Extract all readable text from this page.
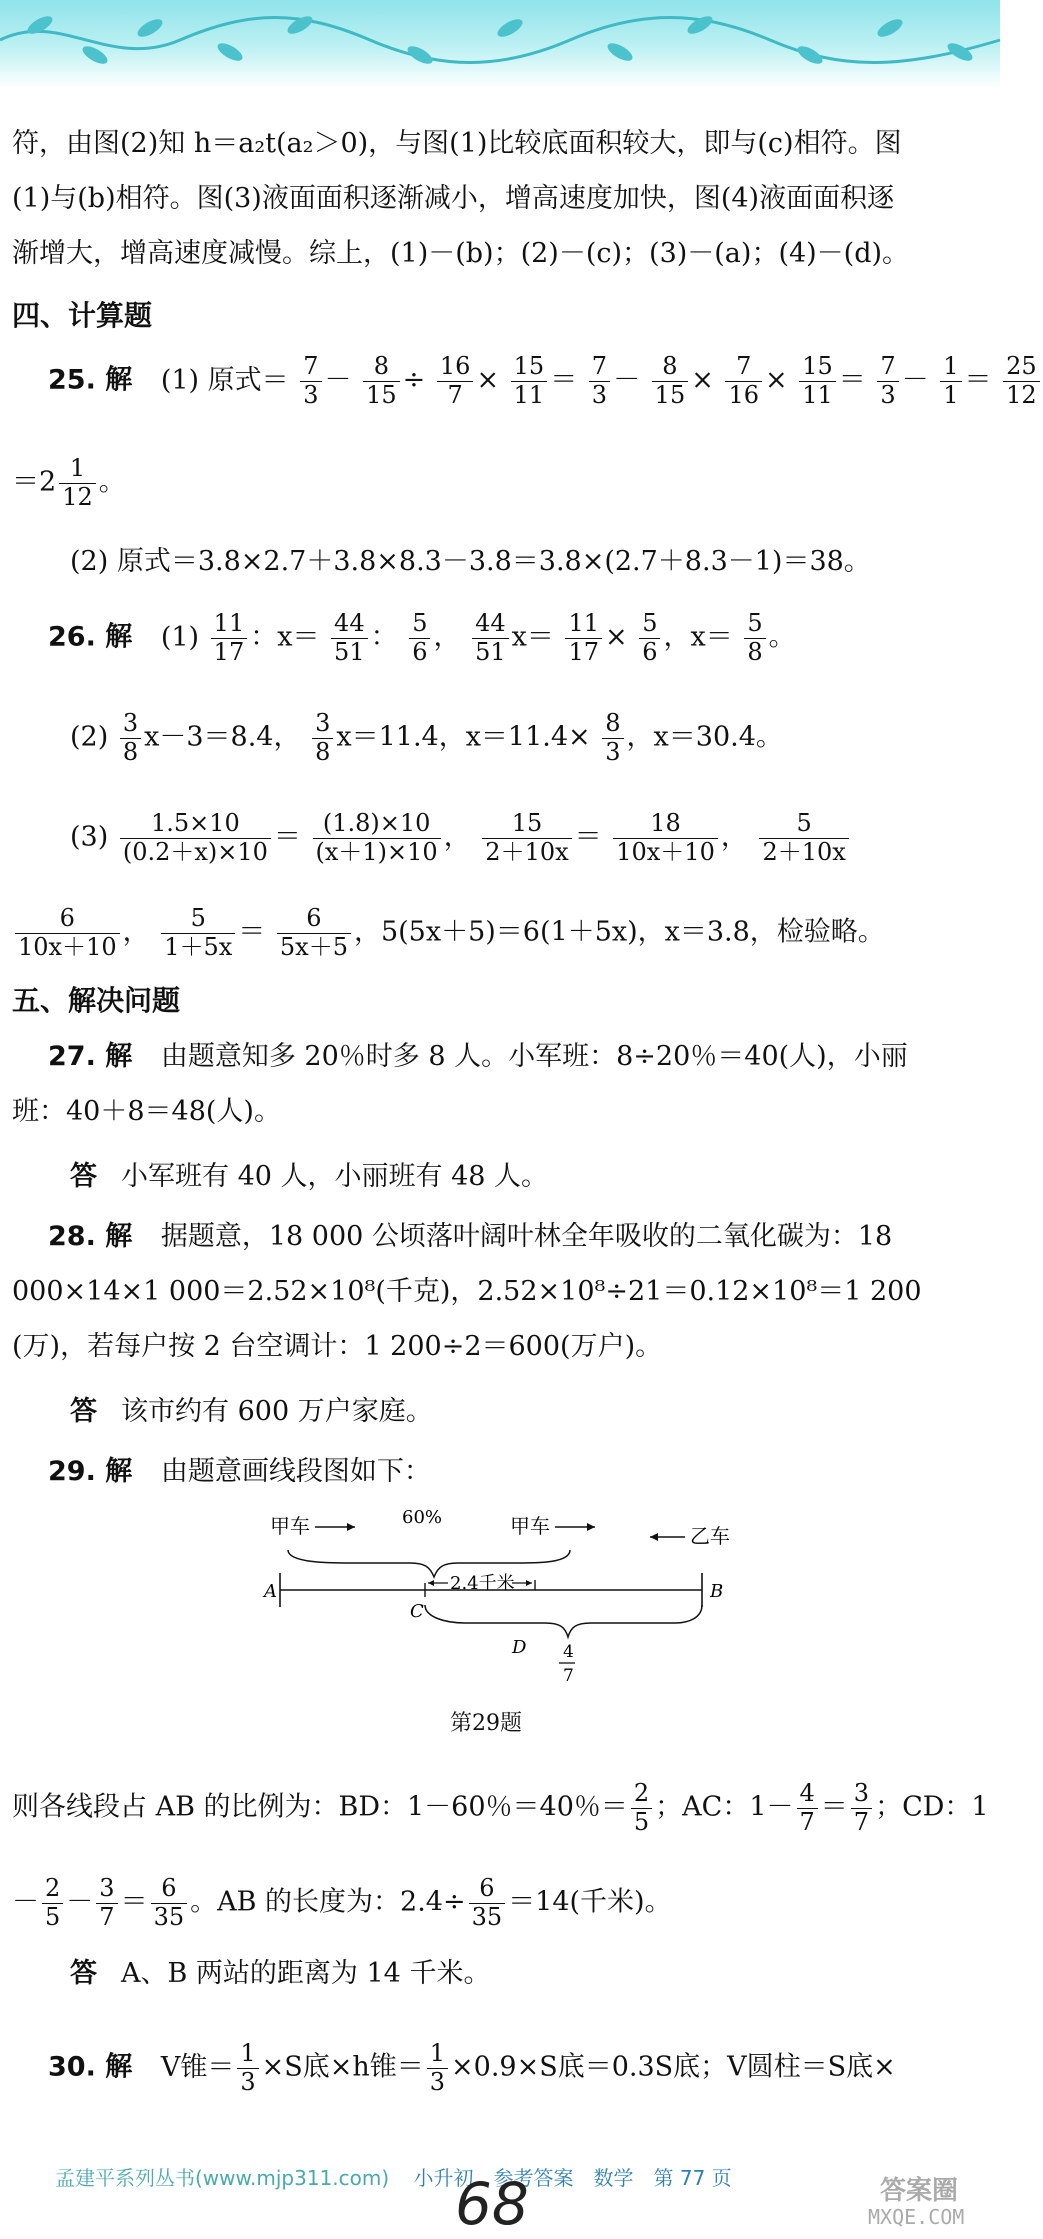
符，由图(2)知 h＝a₂t(a₂＞0)，与图(1)比较底面积较大，即与(c)相符。图
(1)与(b)相符。图(3)液面面积逐渐减小，增高速度加快，图(4)液面面积逐
渐增大，增高速度减慢。综上，(1)－(b)；(2)－(c)；(3)－(a)；(4)－(d)。
四、计算题
25. 解 (1) 原式＝ $\frac{7}{3} - \frac{8}{15} \div \frac{16}{7} \times \frac{15}{11} = \frac{7}{3} - \frac{8}{15} \times \frac{7}{16} \times \frac{15}{11} = \frac{7}{3} - \frac{1}{1} = \frac{25}{12}$
$=2 \frac{1}{12}$ 。
(2) 原式＝3.8×2.7＋3.8×8.3－3.8＝3.8×(2.7＋8.3－1)＝38。
26. 解 $(1) \frac{11}{17}$ ：$x= \frac{44}{51}$ ： $\frac{5}{6}$ ， $\frac{44}{51} x= \frac{11}{17} \times \frac{5}{6}$ ，$x= \frac{5}{8}$ 。
$(2) \frac{3}{8} x-3=8.4$， $\frac{3}{8} x=11.4$，$x=11.4\times \frac{8}{3}$ ，x＝30.4。
$(3) \frac{1.5\times 10}{(0.2+x)\times 10} = \frac{(1.8)\times 10}{(x+1)\times 10}$ ， $\frac{15}{2+10x} = \frac{18}{10x+10}$ ， $\frac{5}{2+10x}$
$\frac{6}{10x+10}$ ， $\frac{5}{1+5x} = \frac{6}{5x+5}$ ，5(5x＋5)＝6(1＋5x)，x＝3.8，检验略。
五、解决问题
27. 解 由题意知多 20％时多 8 人。小军班：8÷20％＝40(人)，小丽
班：40＋8＝48(人)。
答 小军班有 40 人，小丽班有 48 人。
28. 解 据题意，18 000 公顷落叶阔叶林全年吸收的二氧化碳为：18
000×14×1 000＝2.52×10⁸(千克)，2.52×10⁸÷21＝0.12×10⁸＝1 200
(万)，若每户按 2 台空调计：1 200÷2＝600(万户)。
答 该市约有 600 万户家庭。
29. 解 由题意画线段图如下：
甲车	60%	甲车	乙车
2.4千米
A	B
C
D 4
7
第29题
则各线段占 AB 的比例为：BD：1－60％＝40％＝ $\frac{2}{5}$ ；AC：$1- \frac{4}{7} = \frac{3}{7}$ ；CD：1
－ $\frac{2}{5} - \frac{3}{7} = \frac{6}{35}$ 。AB 的长度为：$2.4\div \frac{6}{35} =14$(千米)。
答 A、B 两站的距离为 14 千米。
30. 解 V锥＝ $\frac{1}{3} \times S$底×h锥＝ $\frac{1}{3} \times 0.9\times S$底＝0.3S底；V圆柱＝S底×
孟建平系列丛书(www.mjp311.com) 小升初　参考答案　数学　第 77 页
68	答案圈
MXQE.COM
